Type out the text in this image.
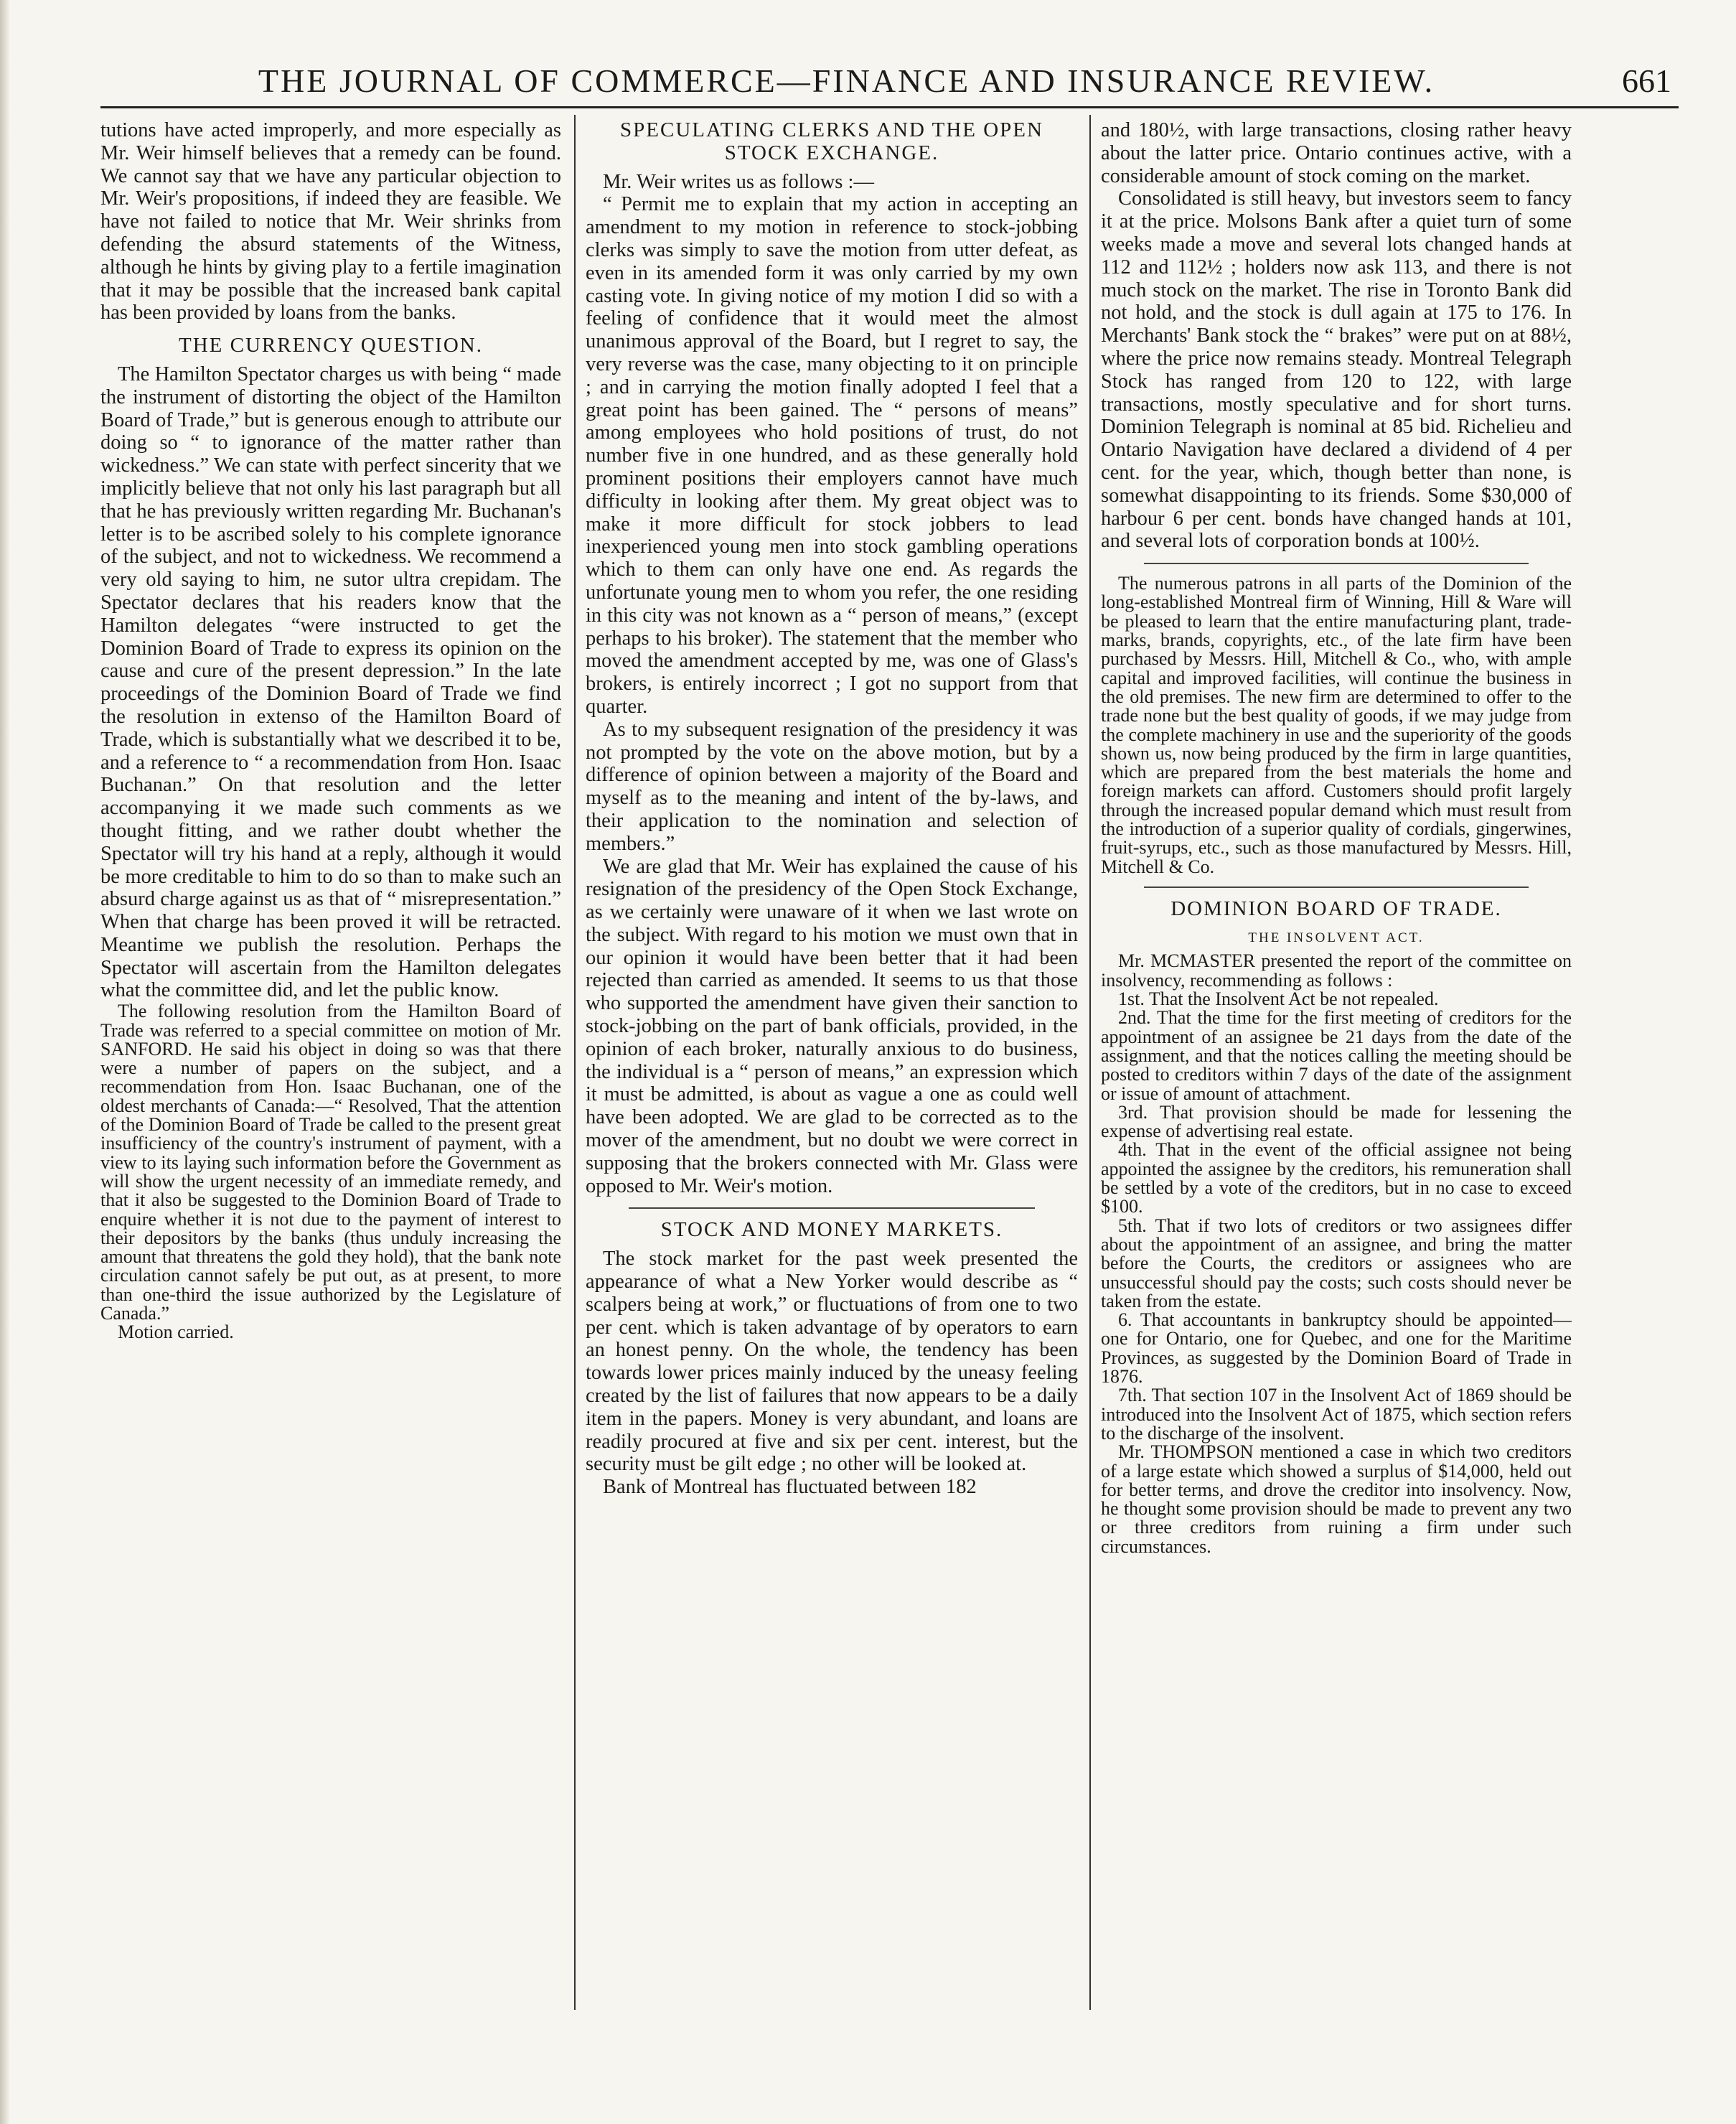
THE JOURNAL OF COMMERCE—FINANCE AND INSURANCE REVIEW.	661

tutions have acted improperly, and more especially as Mr. Weir himself believes that a remedy can be found. We cannot say that we have any particular objection to Mr. Weir's propositions, if indeed they are feasible. We have not failed to notice that Mr. Weir shrinks from defending the absurd statements of the Witness, although he hints by giving play to a fertile imagination that it may be possible that the increased bank capital has been provided by loans from the banks.

THE CURRENCY QUESTION.

The Hamilton Spectator charges us with being “ made the instrument of distorting the object of the Hamilton Board of Trade,” but is generous enough to attribute our doing so “ to ignorance of the matter rather than wickedness.” We can state with perfect sincerity that we implicitly believe that not only his last paragraph but all that he has previously written regarding Mr. Buchanan's letter is to be ascribed solely to his complete ignorance of the subject, and not to wickedness. We recommend a very old saying to him, ne sutor ultra crepidam. The Spectator declares that his readers know that the Hamilton delegates “were instructed to get the Dominion Board of Trade to express its opinion on the cause and cure of the present depression.” In the late proceedings of the Dominion Board of Trade we find the resolution in extenso of the Hamilton Board of Trade, which is substantially what we described it to be, and a reference to “ a recommendation from Hon. Isaac Buchanan.” On that resolution and the letter accompanying it we made such comments as we thought fitting, and we rather doubt whether the Spectator will try his hand at a reply, although it would be more creditable to him to do so than to make such an absurd charge against us as that of “ misrepresentation.” When that charge has been proved it will be retracted. Meantime we publish the resolution. Perhaps the Spectator will ascertain from the Hamilton delegates what the committee did, and let the public know.

The following resolution from the Hamilton Board of Trade was referred to a special committee on motion of Mr. SANFORD. He said his object in doing so was that there were a number of papers on the subject, and a recommendation from Hon. Isaac Buchanan, one of the oldest merchants of Canada:—“ Resolved, That the attention of the Dominion Board of Trade be called to the present great insufficiency of the country's instrument of payment, with a view to its laying such information before the Government as will show the urgent necessity of an immediate remedy, and that it also be suggested to the Dominion Board of Trade to enquire whether it is not due to the payment of interest to their depositors by the banks (thus unduly increasing the amount that threatens the gold they hold), that the bank note circulation cannot safely be put out, as at present, to more than one-third the issue authorized by the Legislature of Canada.”

Motion carried.

SPECULATING CLERKS AND THE OPEN STOCK EXCHANGE.

Mr. Weir writes us as follows :—

“ Permit me to explain that my action in accepting an amendment to my motion in reference to stock-jobbing clerks was simply to save the motion from utter defeat, as even in its amended form it was only carried by my own casting vote. In giving notice of my motion I did so with a feeling of confidence that it would meet the almost unanimous approval of the Board, but I regret to say, the very reverse was the case, many objecting to it on principle ; and in carrying the motion finally adopted I feel that a great point has been gained. The “ persons of means” among employees who hold positions of trust, do not number five in one hundred, and as these generally hold prominent positions their employers cannot have much difficulty in looking after them. My great object was to make it more difficult for stock jobbers to lead inexperienced young men into stock gambling operations which to them can only have one end. As regards the unfortunate young men to whom you refer, the one residing in this city was not known as a “ person of means,” (except perhaps to his broker). The statement that the member who moved the amendment accepted by me, was one of Glass's brokers, is entirely incorrect ; I got no support from that quarter.

As to my subsequent resignation of the presidency it was not prompted by the vote on the above motion, but by a difference of opinion between a majority of the Board and myself as to the meaning and intent of the by-laws, and their application to the nomination and selection of members.”

We are glad that Mr. Weir has explained the cause of his resignation of the presidency of the Open Stock Exchange, as we certainly were unaware of it when we last wrote on the subject. With regard to his motion we must own that in our opinion it would have been better that it had been rejected than carried as amended. It seems to us that those who supported the amendment have given their sanction to stock-jobbing on the part of bank officials, provided, in the opinion of each broker, naturally anxious to do business, the individual is a “ person of means,” an expression which it must be admitted, is about as vague a one as could well have been adopted. We are glad to be corrected as to the mover of the amendment, but no doubt we were correct in supposing that the brokers connected with Mr. Glass were opposed to Mr. Weir's motion.

STOCK AND MONEY MARKETS.

The stock market for the past week presented the appearance of what a New Yorker would describe as “ scalpers being at work,” or fluctuations of from one to two per cent. which is taken advantage of by operators to earn an honest penny. On the whole, the tendency has been towards lower prices mainly induced by the uneasy feeling created by the list of failures that now appears to be a daily item in the papers. Money is very abundant, and loans are readily procured at five and six per cent. interest, but the security must be gilt edge ; no other will be looked at.

Bank of Montreal has fluctuated between 182

and 180½, with large transactions, closing rather heavy about the latter price. Ontario continues active, with a considerable amount of stock coming on the market.

Consolidated is still heavy, but investors seem to fancy it at the price. Molsons Bank after a quiet turn of some weeks made a move and several lots changed hands at 112 and 112½ ; holders now ask 113, and there is not much stock on the market. The rise in Toronto Bank did not hold, and the stock is dull again at 175 to 176. In Merchants' Bank stock the “ brakes” were put on at 88½, where the price now remains steady. Montreal Telegraph Stock has ranged from 120 to 122, with large transactions, mostly speculative and for short turns. Dominion Telegraph is nominal at 85 bid. Richelieu and Ontario Navigation have declared a dividend of 4 per cent. for the year, which, though better than none, is somewhat disappointing to its friends. Some $30,000 of harbour 6 per cent. bonds have changed hands at 101, and several lots of corporation bonds at 100½.

The numerous patrons in all parts of the Dominion of the long-established Montreal firm of Winning, Hill & Ware will be pleased to learn that the entire manufacturing plant, trade-marks, brands, copyrights, etc., of the late firm have been purchased by Messrs. Hill, Mitchell & Co., who, with ample capital and improved facilities, will continue the business in the old premises. The new firm are determined to offer to the trade none but the best quality of goods, if we may judge from the complete machinery in use and the superiority of the goods shown us, now being produced by the firm in large quantities, which are prepared from the best materials the home and foreign markets can afford. Customers should profit largely through the increased popular demand which must result from the introduction of a superior quality of cordials, gingerwines, fruit-syrups, etc., such as those manufactured by Messrs. Hill, Mitchell & Co.

DOMINION BOARD OF TRADE.
THE INSOLVENT ACT.

Mr. MCMASTER presented the report of the committee on insolvency, recommending as follows :

1st. That the Insolvent Act be not repealed.

2nd. That the time for the first meeting of creditors for the appointment of an assignee be 21 days from the date of the assignment, and that the notices calling the meeting should be posted to creditors within 7 days of the date of the assignment or issue of amount of attachment.

3rd. That provision should be made for lessening the expense of advertising real estate.

4th. That in the event of the official assignee not being appointed the assignee by the creditors, his remuneration shall be settled by a vote of the creditors, but in no case to exceed $100.

5th. That if two lots of creditors or two assignees differ about the appointment of an assignee, and bring the matter before the Courts, the creditors or assignees who are unsuccessful should pay the costs; such costs should never be taken from the estate.

6. That accountants in bankruptcy should be appointed—one for Ontario, one for Quebec, and one for the Maritime Provinces, as suggested by the Dominion Board of Trade in 1876.

7th. That section 107 in the Insolvent Act of 1869 should be introduced into the Insolvent Act of 1875, which section refers to the discharge of the insolvent.

Mr. THOMPSON mentioned a case in which two creditors of a large estate which showed a surplus of $14,000, held out for better terms, and drove the creditor into insolvency. Now, he thought some provision should be made to prevent any two or three creditors from ruining a firm under such circumstances.
